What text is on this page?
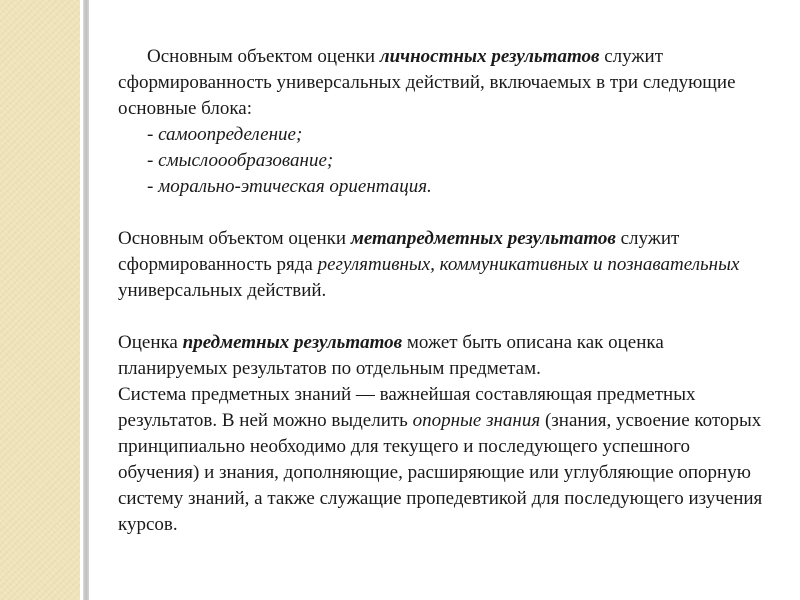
Основным объектом оценки личностных результатов служит сформированность универсальных действий, включаемых в три следующие основные блока:

- самоопределение;

- смыслоообразование;

- морально-этическая ориентация.

Основным объектом оценки метапредметных результатов служит сформированность ряда регулятивных, коммуникативных и познавательных универсальных действий.

Оценка предметных результатов может быть описана как оценка планируемых результатов по отдельным предметам.

Система предметных знаний — важнейшая составляющая предметных результатов. В ней можно выделить опорные знания (знания, усвоение которых принципиально необходимо для текущего и последующего успешного обучения) и знания, дополняющие, расширяющие или углубляющие опорную систему знаний, а также служащие пропедевтикой для последующего изучения курсов.
